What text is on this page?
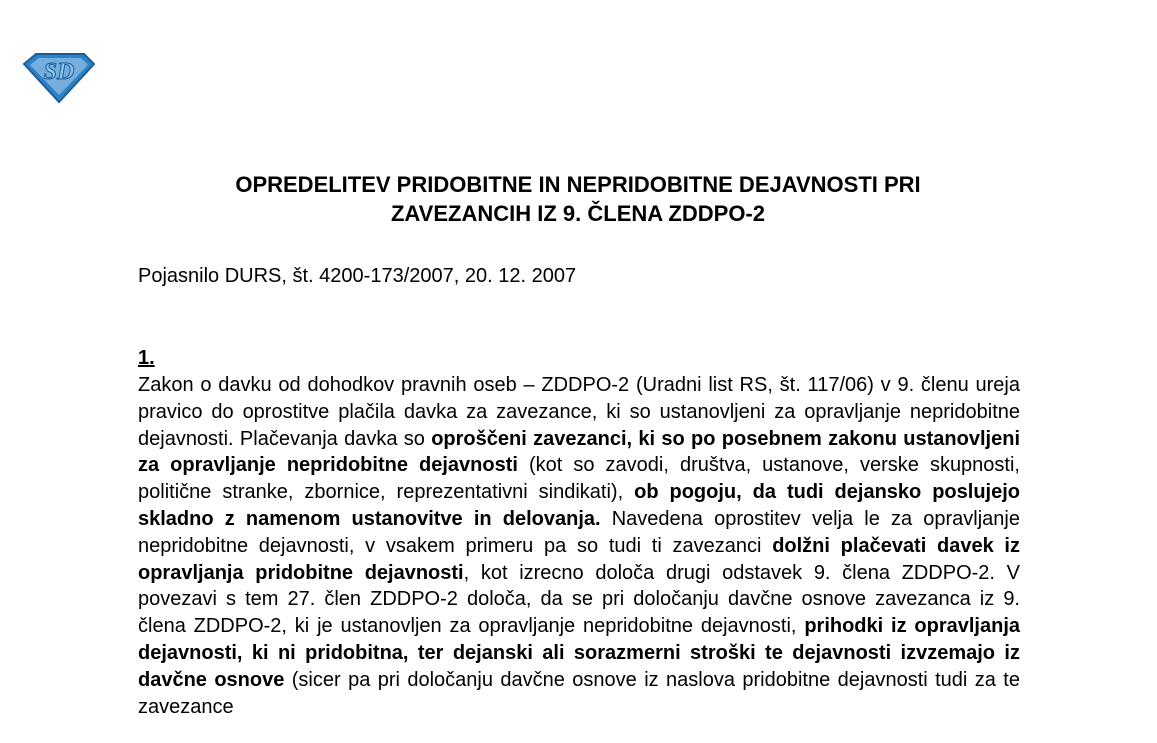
SD
OPREDELITEV PRIDOBITNE IN NEPRIDOBITNE DEJAVNOSTI PRI
ZAVEZANCIH IZ 9. ČLENA ZDDPO-2

Pojasnilo DURS, št. 4200-173/2007, 20. 12. 2007

1.

Zakon o davku od dohodkov pravnih oseb – ZDDPO-2 (Uradni list RS, št. 117/06) v 9. členu ureja pravico do oprostitve plačila davka za zavezance, ki so ustanovljeni za opravljanje nepridobitne dejavnosti. Plačevanja davka so oproščeni zavezanci, ki so po posebnem zakonu ustanovljeni za opravljanje nepridobitne dejavnosti (kot so zavodi, društva, ustanove, verske skupnosti, politične stranke, zbornice, reprezentativni sindikati), ob pogoju, da tudi dejansko poslujejo skladno z namenom ustanovitve in delovanja. Navedena oprostitev velja le za opravljanje nepridobitne dejavnosti, v vsakem primeru pa so tudi ti zavezanci dolžni plačevati davek iz opravljanja pridobitne dejavnosti, kot izrecno določa drugi odstavek 9. člena ZDDPO-2. V povezavi s tem 27. člen ZDDPO-2 določa, da se pri določanju davčne osnove zavezanca iz 9. člena ZDDPO-2, ki je ustanovljen za opravljanje nepridobitne dejavnosti, prihodki iz opravljanja dejavnosti, ki ni pridobitna, ter dejanski ali sorazmerni stroški te dejavnosti izvzemajo iz davčne osnove (sicer pa pri določanju davčne osnove iz naslova pridobitne dejavnosti tudi za te zavezance
